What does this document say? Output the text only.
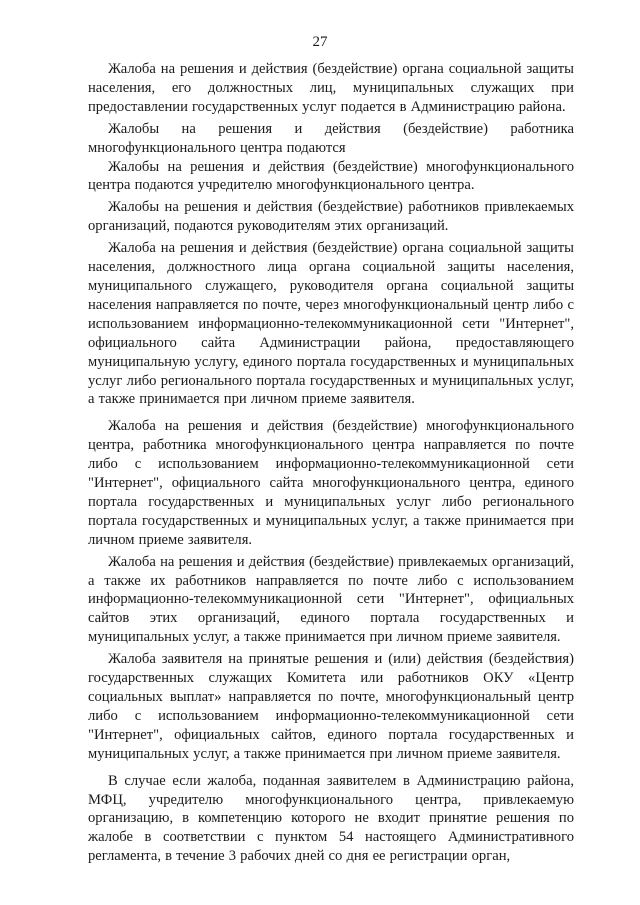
27

Жалоба на решения и действия (бездействие) органа социальной защиты населения, его должностных лиц, муниципальных служащих при предоставлении государственных услуг подается в Администрацию района.

Жалобы на решения и действия (бездействие) работника многофункционального центра подаются

Жалобы на решения и действия (бездействие) многофункционального центра подаются учредителю многофункционального центра.

Жалобы на решения и действия (бездействие) работников привлекаемых организаций, подаются руководителям этих организаций.

Жалоба на решения и действия (бездействие) органа социальной защиты населения, должностного лица органа социальной защиты населения, муниципального служащего, руководителя органа социальной защиты населения направляется по почте, через многофункциональный центр либо с использованием информационно-телекоммуникационной сети "Интернет", официального сайта Администрации района, предоставляющего муниципальную услугу, единого портала государственных и муниципальных услуг либо регионального портала государственных и муниципальных услуг, а также принимается при личном приеме заявителя.

Жалоба на решения и действия (бездействие) многофункционального центра, работника многофункционального центра направляется по почте либо с использованием информационно-телекоммуникационной сети "Интернет", официального сайта многофункционального центра, единого портала государственных и муниципальных услуг либо регионального портала государственных и муниципальных услуг, а также принимается при личном приеме заявителя.

Жалоба на решения и действия (бездействие) привлекаемых организаций, а также их работников направляется по почте либо с использованием информационно-телекоммуникационной сети "Интернет", официальных сайтов этих организаций, единого портала государственных и муниципальных услуг, а также принимается при личном приеме заявителя.

Жалоба заявителя на принятые решения и (или) действия (бездействия) государственных служащих Комитета или работников ОКУ «Центр социальных выплат» направляется по почте, многофункциональный центр либо с использованием информационно-телекоммуникационной сети "Интернет", официальных сайтов, единого портала государственных и муниципальных услуг, а также принимается при личном приеме заявителя.

В случае если жалоба, поданная заявителем в Администрацию района, МФЦ, учредителю многофункционального центра, привлекаемую организацию, в компетенцию которого не входит принятие решения по жалобе в соответствии с пунктом 54 настоящего Административного регламента, в течение 3 рабочих дней со дня ее регистрации орган,
